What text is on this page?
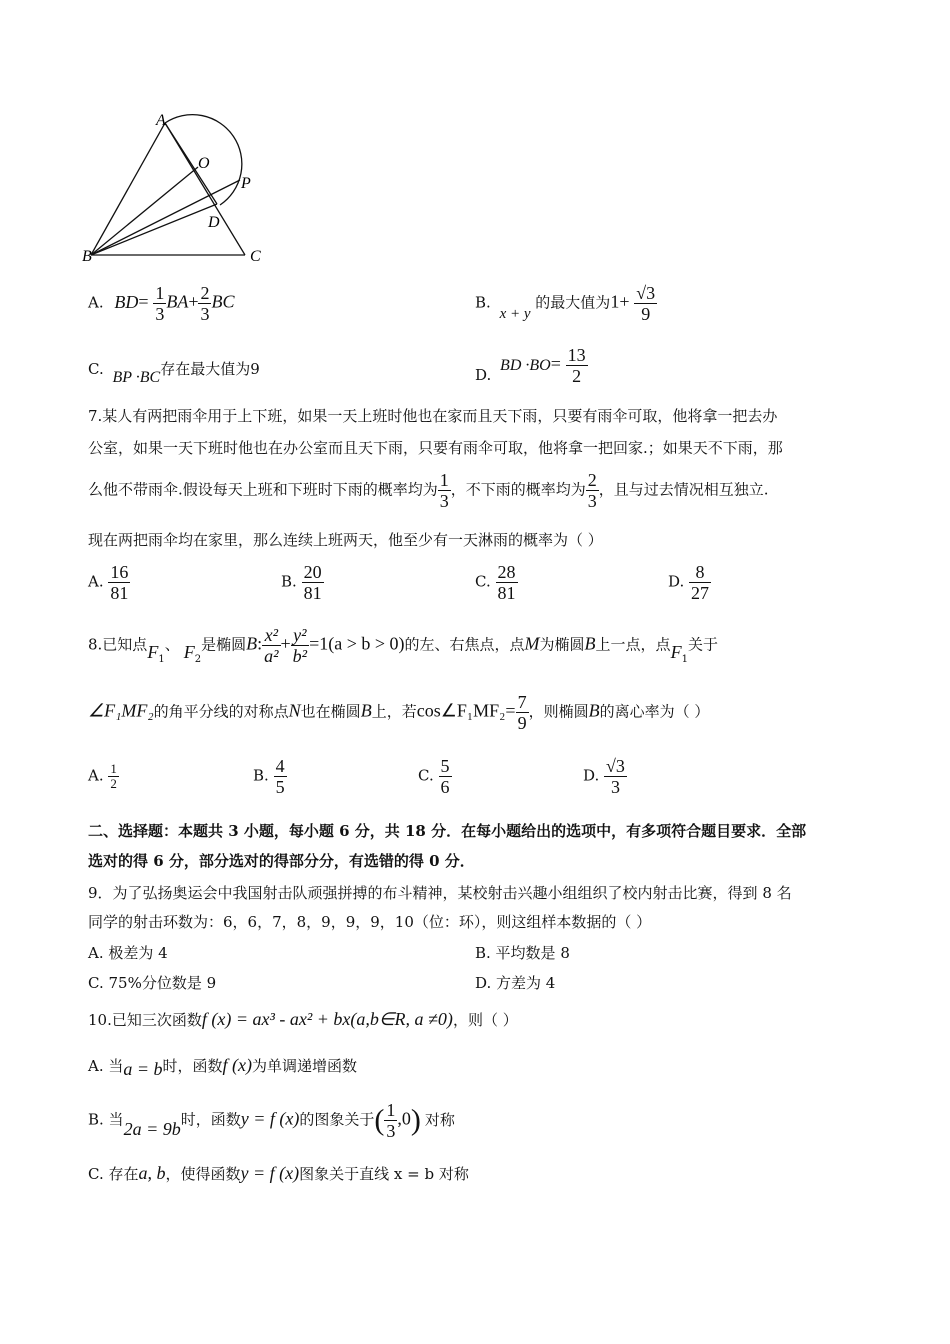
A
O
P
D
B	C
A. $BD= \frac{1}{3} BA+ \frac{2}{3}$ BC	B. x + y 的最大值为$1+ \frac{√3}{9}$
C. BP ·BC存在最大值为9	D. BD $\cdot BO= \frac{13}{2}$
7.某人有两把雨伞用于上下班，如果一天上班时他也在家而且天下雨，只要有雨伞可取，他将拿一把去办
公室，如果一天下班时他也在办公室而且天下雨，只要有雨伞可取，他将拿一把回家.；如果天不下雨，那
么他不带雨伞.假设每天上班和下班时下雨的概率均为 $\frac{1}{3}$ ，不下雨的概率均为 $\frac{2}{3}$ ，且与过去情况相互独立.
现在两把雨伞均在家里，那么连续上班两天，他至少有一天淋雨的概率为（ ）
A. $\frac{16}{81}$	B. $\frac{20}{81}$	C. $\frac{28}{81}$	D. $\frac{8}{27}$
8.已知点$F_1$、 $F_2$是椭圆B: $\frac{\text{x²}}{\text{a²}} + \frac{\text{y²}}{\text{b²}} =1(a > b > 0)$的左、右焦点，点M为椭圆B上一点，点$F_1$关于
∠F₁MF₂的角平分线的对称点N也在椭圆B上，若cos∠F₁MF₂= $\frac{7}{9}$ ，则椭圆B的离心率为（ ）
A. $\frac{1}{2}$	B. $\frac{4}{5}$	C. $\frac{5}{6}$	D. $\frac{√3}{3}$
二、选择题：本题共 3 小题，每小题 6 分，共 18 分．在每小题给出的选项中，有多项符合题目要求．全部
选对的得 6 分，部分选对的得部分分，有选错的得 0 分．
9．为了弘扬奥运会中我国射击队顽强拼搏的布斗精神，某校射击兴趣小组组织了校内射击比赛，得到 8 名
同学的射击环数为：6，6，7，8，9，9，9，10（位：环），则这组样本数据的（ ）
A. 极差为 4	B. 平均数是 8
C. 75%分位数是 9	D. 方差为 4
10.已知三次函数f (x) = ax³ - ax² + bx(a,b∈R, a ≠0)，则（ ）
A. 当a = b时，函数f (x)为单调递增函数
B. 当2a = 9b时，函数y = f (x)的图象关于( $\frac{1}{3} ,0$) 对称
C. 存在a, b，使得函数y = f (x)图象关于直线 x = b 对称
